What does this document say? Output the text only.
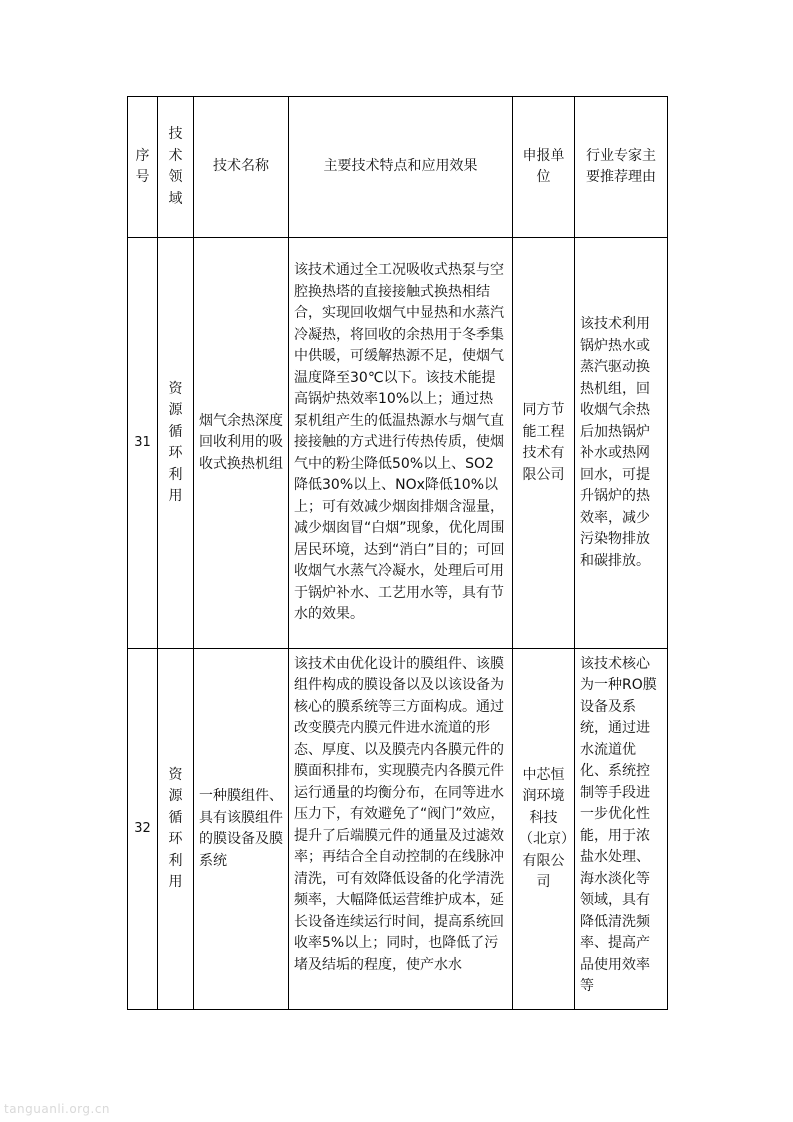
序号	技术领域	技术名称	主要技术特点和应用效果	申报单位	行业专家主要推荐理由
31	资源循环利用	烟气余热深度回收利用的吸收式换热机组	该技术通过全工况吸收式热泵与空腔换热塔的直接接触式换热相结合，实现回收烟气中显热和水蒸汽冷凝热，将回收的余热用于冬季集中供暖，可缓解热源不足，使烟气温度降至30℃以下。该技术能提高锅炉热效率10%以上；通过热泵机组产生的低温热源水与烟气直接接触的方式进行传热传质，使烟气中的粉尘降低50%以上、SO2降低30%以上、NOx降低10%以上；可有效减少烟囱排烟含湿量，减少烟囱冒“白烟”现象，优化周围居民环境，达到“消白”目的；可回收烟气水蒸气冷凝水，处理后可用于锅炉补水、工艺用水等，具有节水的效果。	同方节能工程技术有限公司	该技术利用锅炉热水或蒸汽驱动换热机组，回收烟气余热后加热锅炉补水或热网回水，可提升锅炉的热效率，减少污染物排放和碳排放。
32	资源循环利用	一种膜组件、具有该膜组件的膜设备及膜系统	该技术由优化设计的膜组件、该膜组件构成的膜设备以及以该设备为核心的膜系统等三方面构成。通过改变膜壳内膜元件进水流道的形态、厚度、以及膜壳内各膜元件的膜面积排布，实现膜壳内各膜元件运行通量的均衡分布，在同等进水压力下，有效避免了“阀门”效应，提升了后端膜元件的通量及过滤效率；再结合全自动控制的在线脉冲清洗，可有效降低设备的化学清洗频率，大幅降低运营维护成本，延长设备连续运行时间，提高系统回收率5%以上；同时，也降低了污堵及结垢的程度，使产水水	中芯恒润环境科技（北京）有限公司	该技术核心为一种RO膜设备及系统，通过进水流道优化、系统控制等手段进一步优化性能，用于浓盐水处理、海水淡化等领域，具有降低清洗频率、提高产品使用效率等
tanguanli.org.cn
